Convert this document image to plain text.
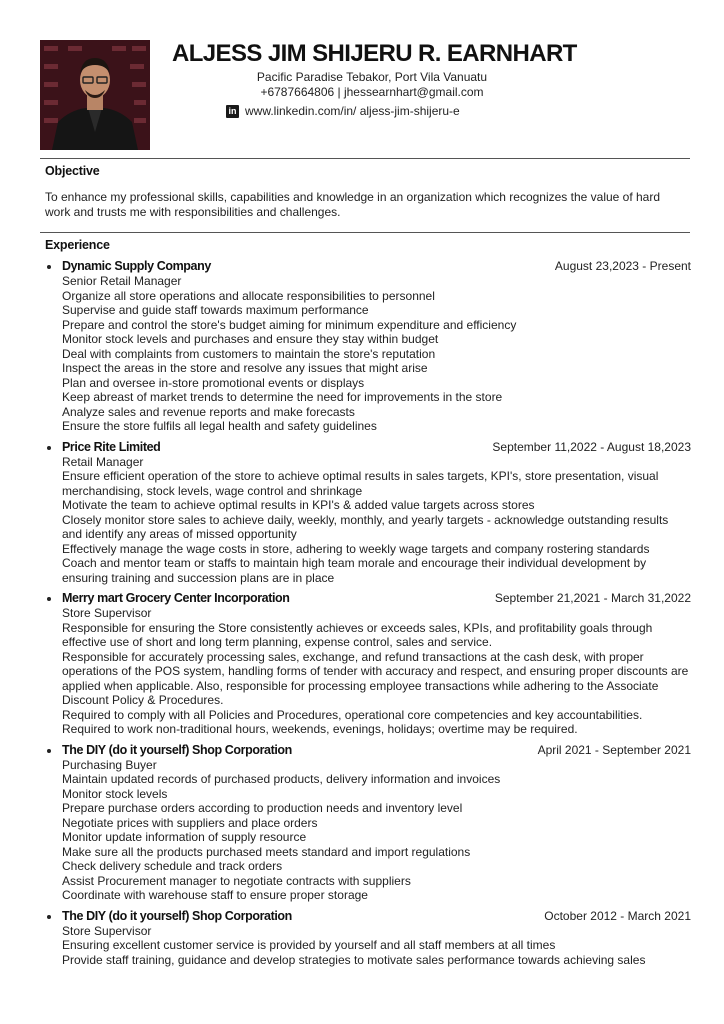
ALJESS JIM SHIJERU R. EARNHART
Pacific Paradise Tebakor, Port Vila Vanuatu
+6787664806 | jhessearnhart@gmail.com
in www.linkedin.com/in/ aljess-jim-shijeru-e
Objective
To enhance my professional skills, capabilities and knowledge in an organization which recognizes the value of hard work and trusts me with responsibilities and challenges.
Experience
Dynamic Supply Company	August 23,2023 - Present
Senior Retail Manager
Organize all store operations and allocate responsibilities to personnel
Supervise and guide staff towards maximum performance
Prepare and control the store's budget aiming for minimum expenditure and efficiency
Monitor stock levels and purchases and ensure they stay within budget
Deal with complaints from customers to maintain the store's reputation
Inspect the areas in the store and resolve any issues that might arise
Plan and oversee in-store promotional events or displays
Keep abreast of market trends to determine the need for improvements in the store
Analyze sales and revenue reports and make forecasts
Ensure the store fulfils all legal health and safety guidelines
Price Rite Limited	September 11,2022 - August 18,2023
Retail Manager
Ensure efficient operation of the store to achieve optimal results in sales targets, KPI's, store presentation, visual merchandising, stock levels, wage control and shrinkage
Motivate the team to achieve optimal results in KPI's & added value targets across stores
Closely monitor store sales to achieve daily, weekly, monthly, and yearly targets - acknowledge outstanding results and identify any areas of missed opportunity
Effectively manage the wage costs in store, adhering to weekly wage targets and company rostering standards
Coach and mentor team or staffs to maintain high team morale and encourage their individual development by ensuring training and succession plans are in place
Merry mart Grocery Center Incorporation	September 21,2021 - March 31,2022
Store Supervisor
Responsible for ensuring the Store consistently achieves or exceeds sales, KPIs, and profitability goals through effective use of short and long term planning, expense control, sales and service.
Responsible for accurately processing sales, exchange, and refund transactions at the cash desk, with proper operations of the POS system, handling forms of tender with accuracy and respect, and ensuring proper discounts are applied when applicable. Also, responsible for processing employee transactions while adhering to the Associate Discount Policy & Procedures.
Required to comply with all Policies and Procedures, operational core competencies and key accountabilities.
Required to work non-traditional hours, weekends, evenings, holidays; overtime may be required.
The DIY (do it yourself) Shop Corporation	April 2021 - September 2021
Purchasing Buyer
Maintain updated records of purchased products, delivery information and invoices
Monitor stock levels
Prepare purchase orders according to production needs and inventory level
Negotiate prices with suppliers and place orders
Monitor update information of supply resource
Make sure all the products purchased meets standard and import regulations
Check delivery schedule and track orders
Assist Procurement manager to negotiate contracts with suppliers
Coordinate with warehouse staff to ensure proper storage
The DIY (do it yourself) Shop Corporation	October 2012 - March 2021
Store Supervisor
Ensuring excellent customer service is provided by yourself and all staff members at all times
Provide staff training, guidance and develop strategies to motivate sales performance towards achieving sales
